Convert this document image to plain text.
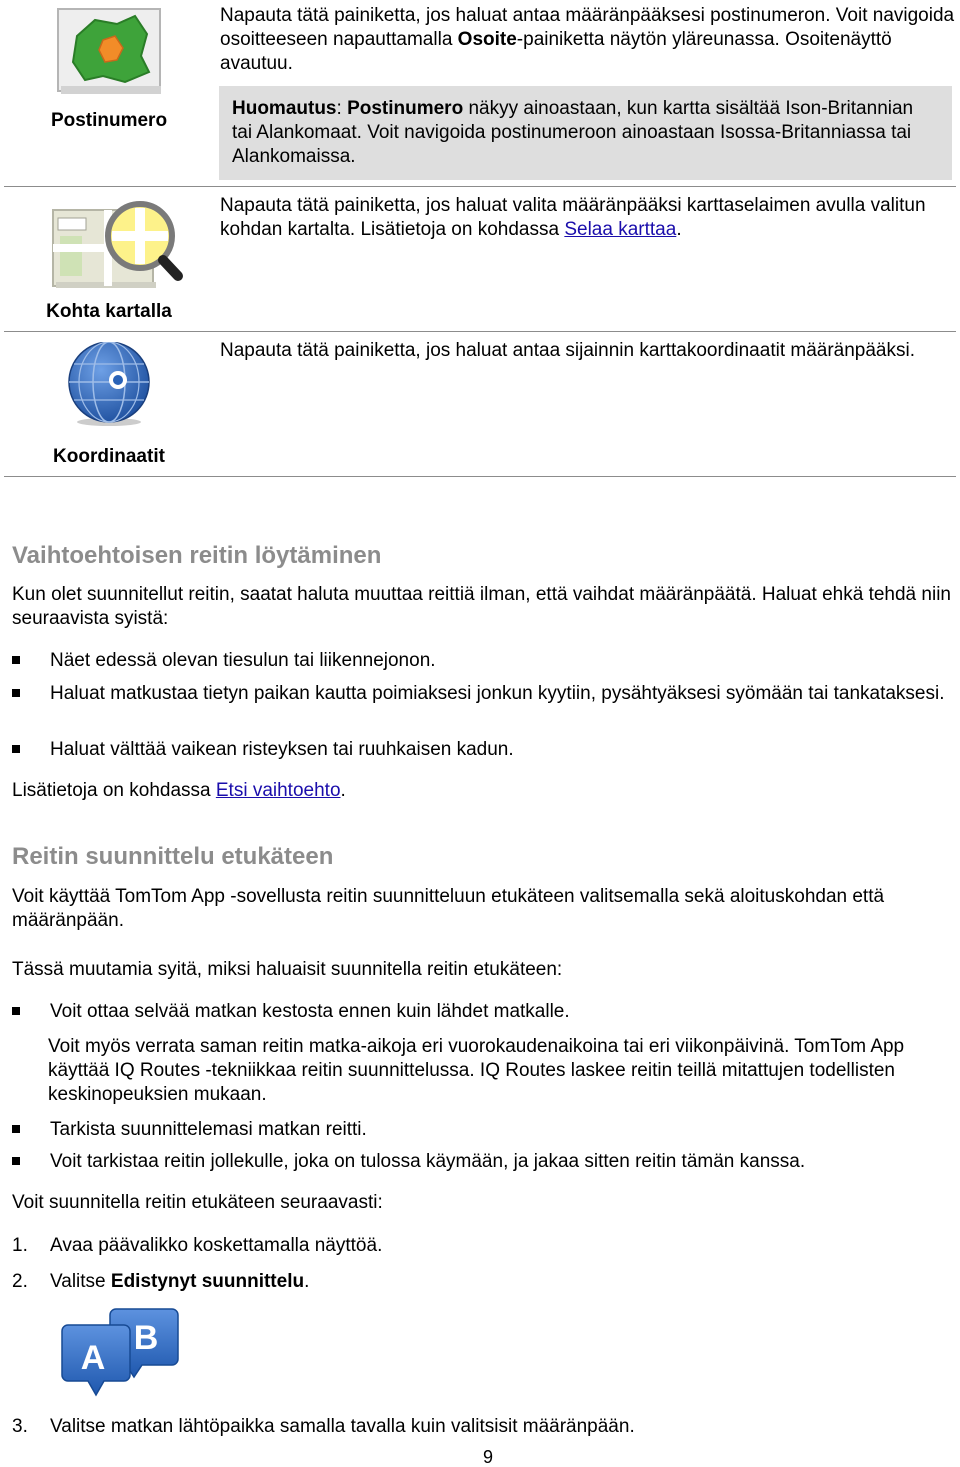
Postinumero
Napauta tätä painiketta, jos haluat antaa määränpääksesi postinumeron. Voit navigoida osoitteeseen napauttamalla Osoite-painiketta näytön yläreunassa. Osoitenäyttö avautuu.
Huomautus: Postinumero näkyy ainoastaan, kun kartta sisältää Ison-Britannian tai Alankomaat. Voit navigoida postinumeroon ainoastaan Isossa-Britanniassa tai Alankomaissa.
Kohta kartalla
Napauta tätä painiketta, jos haluat valita määränpääksi karttaselaimen avulla valitun kohdan kartalta. Lisätietoja on kohdassa Selaa karttaa.
Koordinaatit
Napauta tätä painiketta, jos haluat antaa sijainnin karttakoordinaatit määränpääksi.
Vaihtoehtoisen reitin löytäminen
Kun olet suunnitellut reitin, saatat haluta muuttaa reittiä ilman, että vaihdat määränpäätä. Haluat ehkä tehdä niin seuraavista syistä:
Näet edessä olevan tiesulun tai liikennejonon.
Haluat matkustaa tietyn paikan kautta poimiaksesi jonkun kyytiin, pysähtyäksesi syömään tai tankataksesi.
Haluat välttää vaikean risteyksen tai ruuhkaisen kadun.
Lisätietoja on kohdassa Etsi vaihtoehto.
Reitin suunnittelu etukäteen
Voit käyttää TomTom App -sovellusta reitin suunnitteluun etukäteen valitsemalla sekä aloituskohdan että määränpään.
Tässä muutamia syitä, miksi haluaisit suunnitella reitin etukäteen:
Voit ottaa selvää matkan kestosta ennen kuin lähdet matkalle.
Voit myös verrata saman reitin matka-aikoja eri vuorokaudenaikoina tai eri viikonpäivinä. TomTom App käyttää IQ Routes -tekniikkaa reitin suunnittelussa. IQ Routes laskee reitin teillä mitattujen todellisten keskinopeuksien mukaan.
Tarkista suunnittelemasi matkan reitti.
Voit tarkistaa reitin jollekulle, joka on tulossa käymään, ja jakaa sitten reitin tämän kanssa.
Voit suunnitella reitin etukäteen seuraavasti:
1. Avaa päävalikko koskettamalla näyttöä.
2. Valitse Edistynyt suunnittelu.
A
B
3. Valitse matkan lähtöpaikka samalla tavalla kuin valitsisit määränpään.
9
